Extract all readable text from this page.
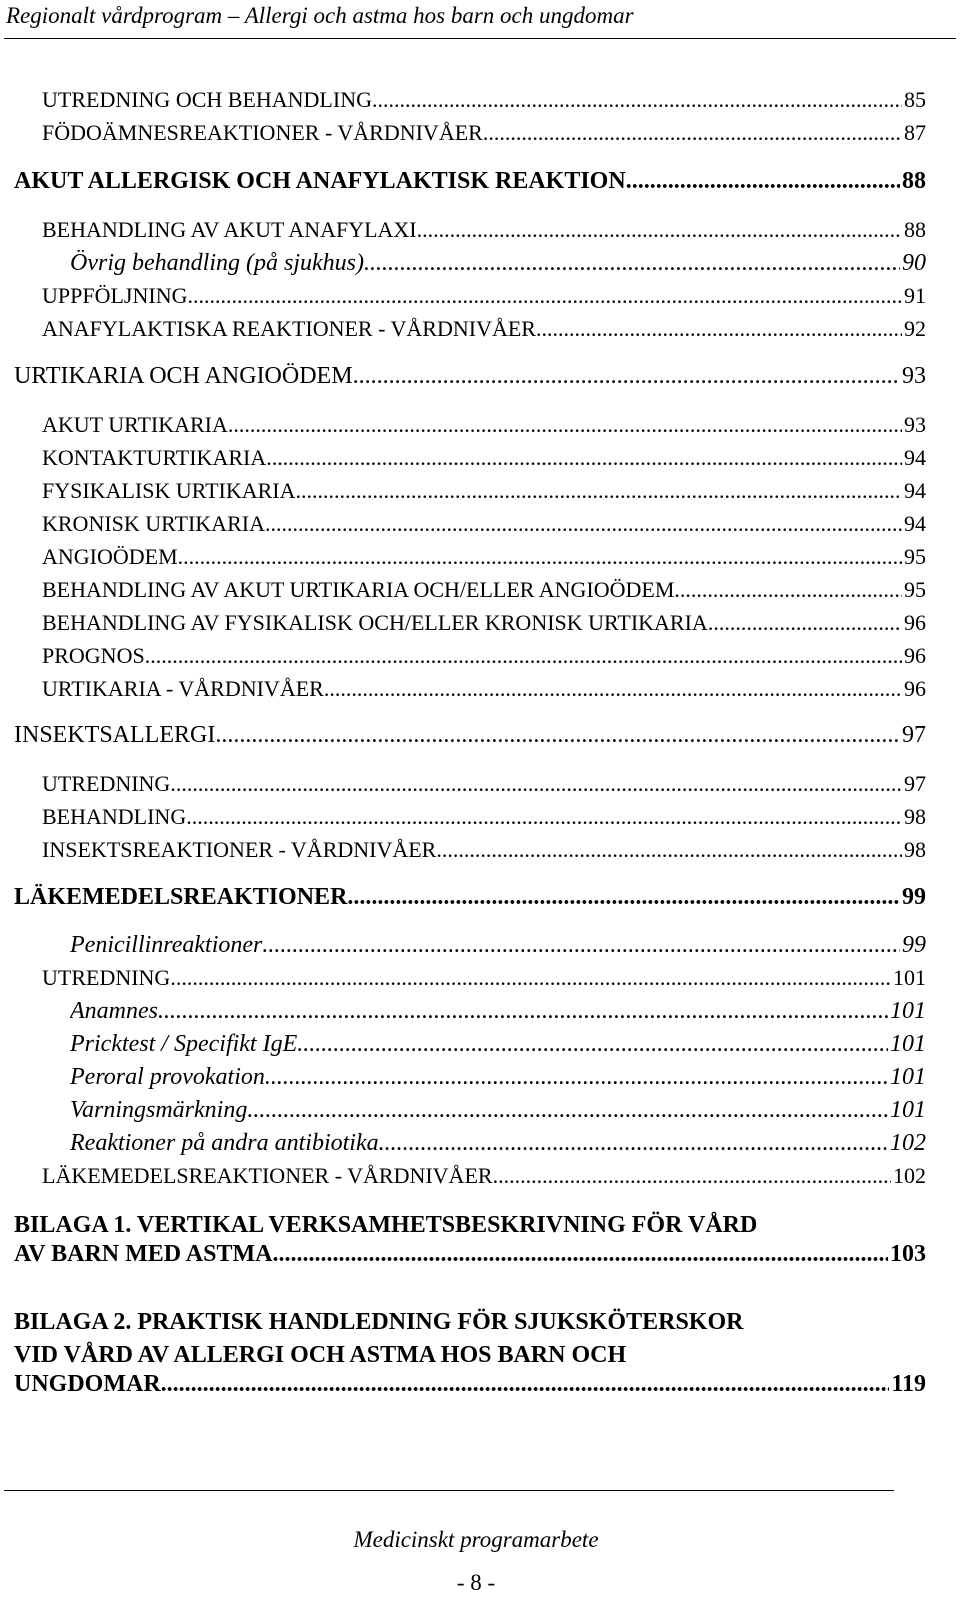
Regionalt vårdprogram – Allergi och astma hos barn och ungdomar
UTREDNING OCH BEHANDLING .....	85
FÖDOÄMNESREAKTIONER - VÅRDNIVÅER .....	87
AKUT ALLERGISK OCH ANAFYLAKTISK REAKTION .....	88
BEHANDLING AV AKUT ANAFYLAXI .....	88
Övrig behandling (på sjukhus) .....	90
UPPFÖLJNING .....	91
ANAFYLAKTISKA REAKTIONER - VÅRDNIVÅER .....	92
URTIKARIA OCH ANGIOÖDEM .....	93
AKUT URTIKARIA .....	93
KONTAKTURTIKARIA .....	94
FYSIKALISK URTIKARIA .....	94
KRONISK URTIKARIA .....	94
ANGIOÖDEM .....	95
BEHANDLING AV AKUT URTIKARIA OCH/ELLER ANGIOÖDEM .....	95
BEHANDLING AV FYSIKALISK OCH/ELLER KRONISK URTIKARIA .....	96
PROGNOS .....	96
URTIKARIA - VÅRDNIVÅER .....	96
INSEKTSALLERGI .....	97
UTREDNING .....	97
BEHANDLING .....	98
INSEKTSREAKTIONER - VÅRDNIVÅER .....	98
LÄKEMEDELSREAKTIONER .....	99
Penicillinreaktioner .....	99
UTREDNING .....	101
Anamnes .....	101
Pricktest / Specifikt IgE .....	101
Peroral provokation .....	101
Varningsmärkning .....	101
Reaktioner på andra antibiotika .....	102
LÄKEMEDELSREAKTIONER - VÅRDNIVÅER .....	102
BILAGA 1. VERTIKAL VERKSAMHETSBESKRIVNING FÖR VÅRD
AV BARN MED ASTMA .....	103
BILAGA 2. PRAKTISK HANDLEDNING FÖR SJUKSKÖTERSKOR
VID VÅRD AV ALLERGI OCH ASTMA HOS BARN OCH
UNGDOMAR .....	119
Medicinskt programarbete
- 8 -
